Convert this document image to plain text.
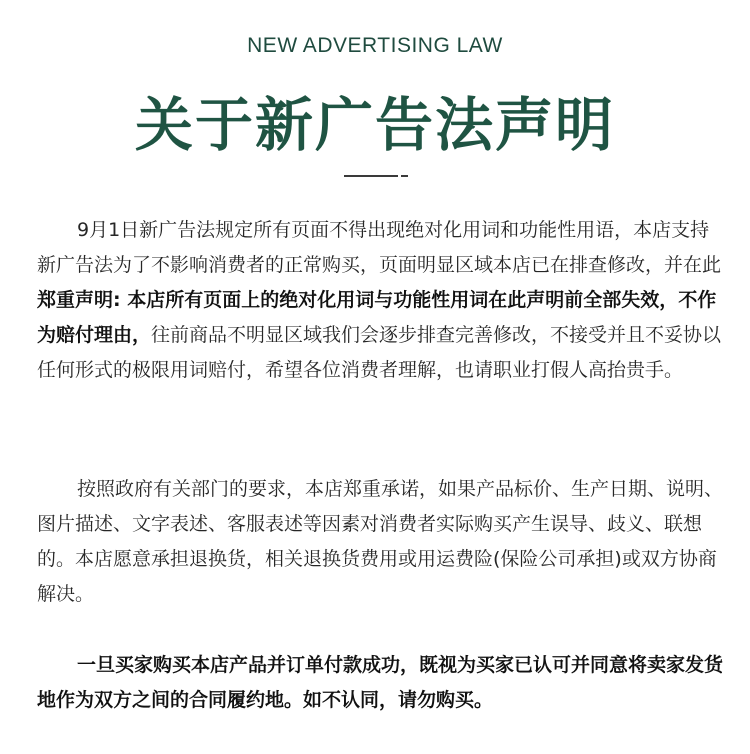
NEW ADVERTISING LAW
关于新广告法声明
9月1日新广告法规定所有页面不得出现绝对化用词和功能性用语，本店支持新广告法为了不影响消费者的正常购买，页面明显区域本店已在排查修改，并在此郑重声明: 本店所有页面上的绝对化用词与功能性用词在此声明前全部失效，不作为赔付理由，往前商品不明显区域我们会逐步排查完善修改，不接受并且不妥协以任何形式的极限用词赔付，希望各位消费者理解，也请职业打假人高抬贵手。
按照政府有关部门的要求，本店郑重承诺，如果产品标价、生产日期、说明、图片描述、文字表述、客服表述等因素对消费者实际购买产生误导、歧义、联想的。本店愿意承担退换货，相关退换货费用或用运费险(保险公司承担)或双方协商解决。
一旦买家购买本店产品并订单付款成功，既视为买家已认可并同意将卖家发货地作为双方之间的合同履约地。如不认同，请勿购买。
